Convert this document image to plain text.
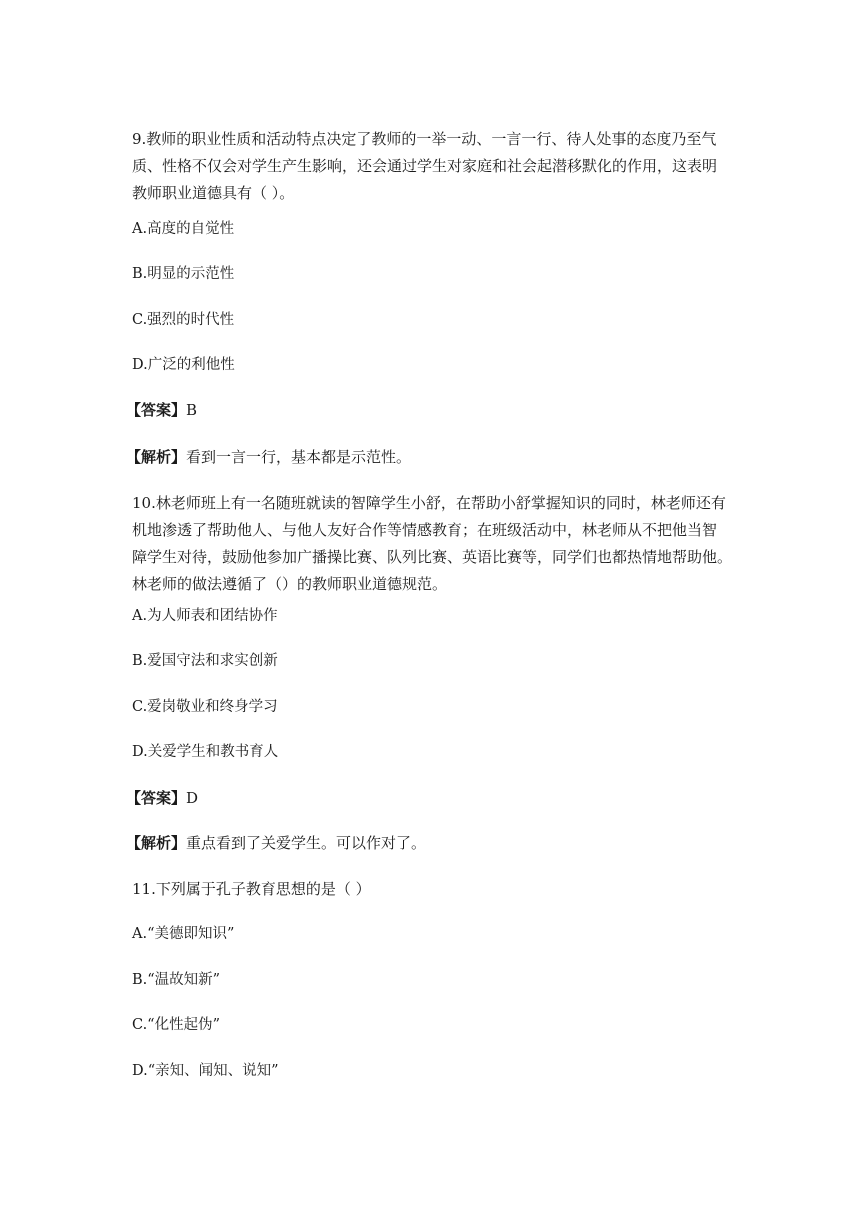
9.教师的职业性质和活动特点决定了教师的一举一动、一言一行、待人处事的态度乃至气
质、性格不仅会对学生产生影响，还会通过学生对家庭和社会起潜移默化的作用，这表明
教师职业道德具有（ ）。
A.高度的自觉性
B.明显的示范性
C.强烈的时代性
D.广泛的利他性
【答案】B
【解析】看到一言一行，基本都是示范性。
10.林老师班上有一名随班就读的智障学生小舒，在帮助小舒掌握知识的同时，林老师还有
机地渗透了帮助他人、与他人友好合作等情感教育；在班级活动中，林老师从不把他当智
障学生对待，鼓励他参加广播操比赛、队列比赛、英语比赛等，同学们也都热情地帮助他。
林老师的做法遵循了（）的教师职业道德规范。
A.为人师表和团结协作
B.爱国守法和求实创新
C.爱岗敬业和终身学习
D.关爱学生和教书育人
【答案】D
【解析】重点看到了关爱学生。可以作对了。
11.下列属于孔子教育思想的是（ ）
A.“美德即知识”
B.“温故知新”
C.“化性起伪”
D.“亲知、闻知、说知”
